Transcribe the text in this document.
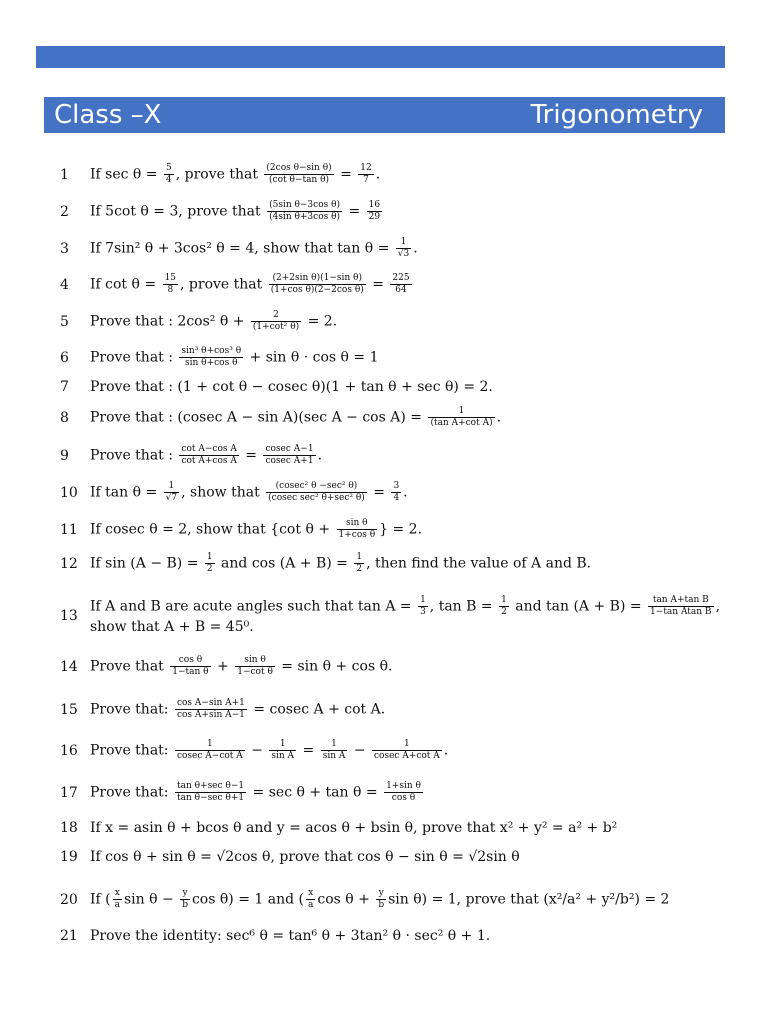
Class –X	Trigonometry
1	If $\sec \theta = \frac{5}{4}$ , prove that $\frac{\text{(2cos θ−sin θ)}}{\text{(cot θ−tan θ)}} = \frac{12}{7}$ .
2	If 5cot θ = 3, prove that $\frac{\text{(5sin θ−3cos θ)}}{\text{(4sin θ+3cos θ)}} = \frac{16}{29}$
3	If 7sin² θ + 3cos² θ = 4, show that $\tan \theta = \frac{1}{√3}$ .
4	If $\cot \theta = \frac{15}{8}$ , prove that $\frac{\text{(2+2sin θ)(1−sin θ)}}{\text{(1+cos θ)(2−2cos θ)}} = \frac{225}{64}$
5	Prove that : 2cos² $\theta + \frac{2}{\text{(1+cot² θ)}} = 2$.
6	Prove that : $\frac{\text{sin³ θ+cos³ θ}}{\text{sin θ+cos θ}} + \sin \theta \cdot \cos \theta = 1$
7	Prove that : (1 + cot θ − cosec θ)(1 + tan θ + sec θ) = 2.
8	Prove that : (cosec A − sin A)(sec $A - \cos A) = \frac{1}{\text{(tan A+cot A)}}$ .
9	Prove that : $\frac{\text{cot A−cos A}}{\text{cot A+cos A}} = \frac{\text{cosec A−1}}{\text{cosec A+1}}$ .
10 If $\tan \theta = \frac{1}{√7}$ , show that $\frac{\text{(cosec² θ −sec² θ)}}{\text{(cosec sec² θ+sec² θ)}} = \frac{3}{4}$ .
11 If cosec θ = 2, show that {cot $\theta + \frac{\text{sin θ}}{\text{1+cos θ}}$ } = 2.
12 If $\sin (A - B) = \frac{1}{2}$ and $\cos (A + B) = \frac{1}{2}$ , then find the value of A and B.
13
If A and B are acute angles such that $\tan A = \frac{1}{3}$ , $\tan B = \frac{1}{2}$ and $\tan (A + B) = \frac{\text{tan A+tan B}}{\text{1−tan Atan B}}$ , show that A + B = 45⁰.
14 Prove that $\frac{\text{cos θ}}{\text{1−tan θ}} + \frac{\text{sin θ}}{\text{1−cot θ}} = \sin \theta + \cos \theta$.
15 Prove that: $\frac{\text{cos A−sin A+1}}{\text{cos A+sin A−1}} = cosec$ A + cot A.
16 Prove that: $\frac{1}{\text{cosec A−cot A}} - \frac{1}{\text{sin A}} = \frac{1}{\text{sin A}} - \frac{1}{\text{cosec A+cot A}}$ .
17 Prove that: $\frac{\text{tan θ+sec θ−1}}{\text{tan θ−sec θ+1}} = \sec \theta + \tan \theta = \frac{\text{1+sin θ}}{\text{cos θ}}$
18 If x = asin θ + bcos θ and y = acos θ + bsin θ, prove that x² + y² = a² + b²
19 If cos θ + sin θ = √2cos θ, prove that cos θ − sin θ = √2sin θ
20 If ( $\frac{x}{a}$ $\sin \theta - \frac{y}{b}$ cos θ) = 1 and ( $\frac{x}{a}$ $\cos \theta + \frac{y}{b}$ sin θ) = 1, prove that (x²/a² + y²/b²) = 2
21 Prove the identity: sec⁶ θ = tan⁶ θ + 3tan² θ · sec² θ + 1.
